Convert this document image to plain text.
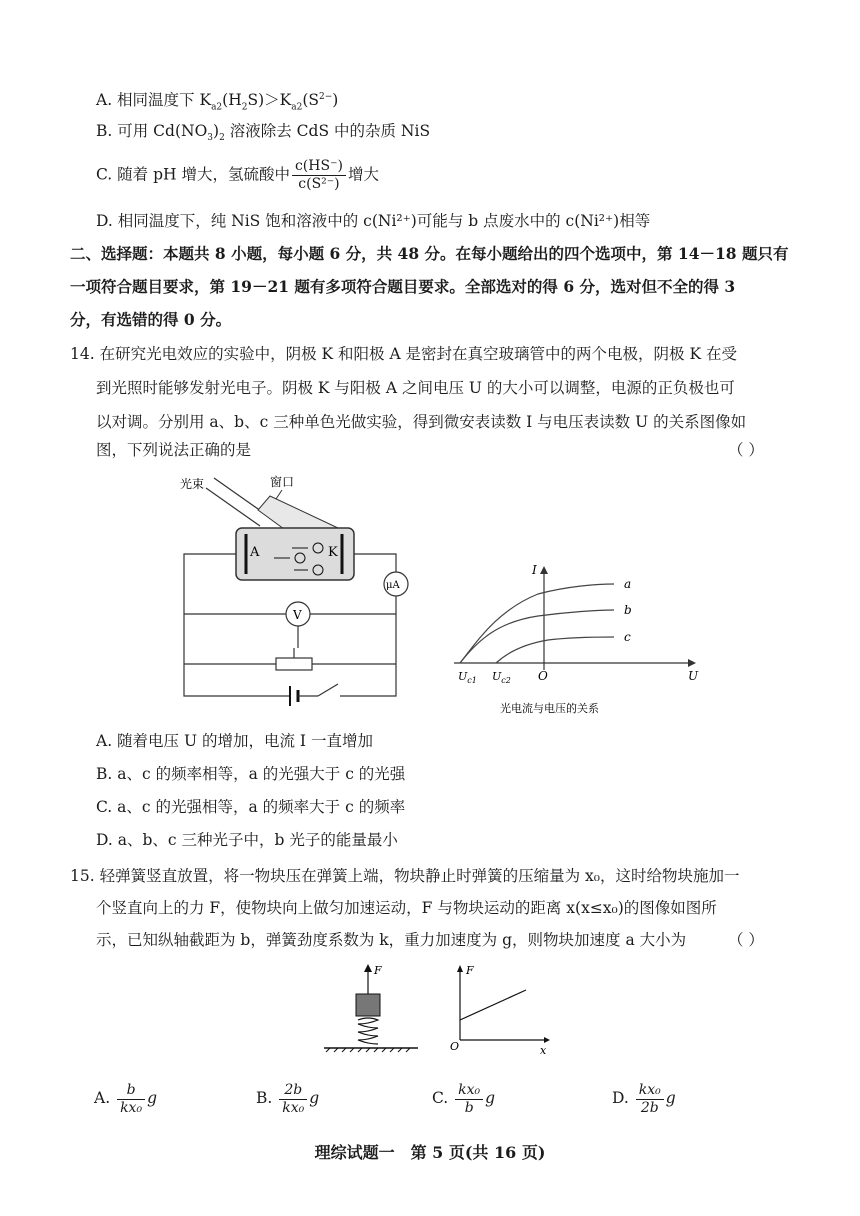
A. 相同温度下 $K_{a2}(H_2S)>K_{a2}(S^{2-})$
B. 可用 $Cd(NO_3)_2$ 溶液除去 CdS 中的杂质 NiS
C. 随着 pH 增大，氢硫酸中 $\frac{c(HS^-)}{\text{c(S²⁻)}}$ 增大
D. 相同温度下，纯 NiS 饱和溶液中的 c(Ni²⁺)可能与 b 点废水中的 c(Ni²⁺)相等
二、选择题：本题共 8 小题，每小题 6 分，共 48 分。在每小题给出的四个选项中，第 14－18 题只有
一项符合题目要求，第 19－21 题有多项符合题目要求。全部选对的得 6 分，选对但不全的得 3
分，有选错的得 0 分。
14. 在研究光电效应的实验中，阴极 K 和阳极 A 是密封在真空玻璃管中的两个电极，阴极 K 在受
到光照时能够发射光电子。阴极 K 与阳极 A 之间电压 U 的大小可以调整，电源的正负极也可
以对调。分别用 a、b、c 三种单色光做实验，得到微安表读数 I 与电压表读数 U 的关系图像如
图，下列说法正确的是	（ ）
光束	窗口
A	K
μA
V
I
U
O
$U_{c1}$ $U_{c2}$
a
b
c
光电流与电压的关系
A. 随着电压 U 的增加，电流 I 一直增加
B. a、c 的频率相等，a 的光强大于 c 的光强
C. a、c 的光强相等，a 的频率大于 c 的频率
D. a、b、c 三种光子中，b 光子的能量最小
15. 轻弹簧竖直放置，将一物块压在弹簧上端，物块静止时弹簧的压缩量为 x₀，这时给物块施加一
个竖直向上的力 F，使物块向上做匀加速运动，F 与物块运动的距离 x(x≤x₀)的图像如图所
示，已知纵轴截距为 b，弹簧劲度系数为 k，重力加速度为 g，则物块加速度 a 大小为	（ ）
F	F
x
O
A. $\frac{b}{\text{kx₀}}$ g	B. $\frac{2b}{\text{kx₀}}$ g	C. $\frac{\text{kx₀}}{b}$ g	D. $\frac{\text{kx₀}}{2b}$ g
理综试题一　第 5 页(共 16 页)
